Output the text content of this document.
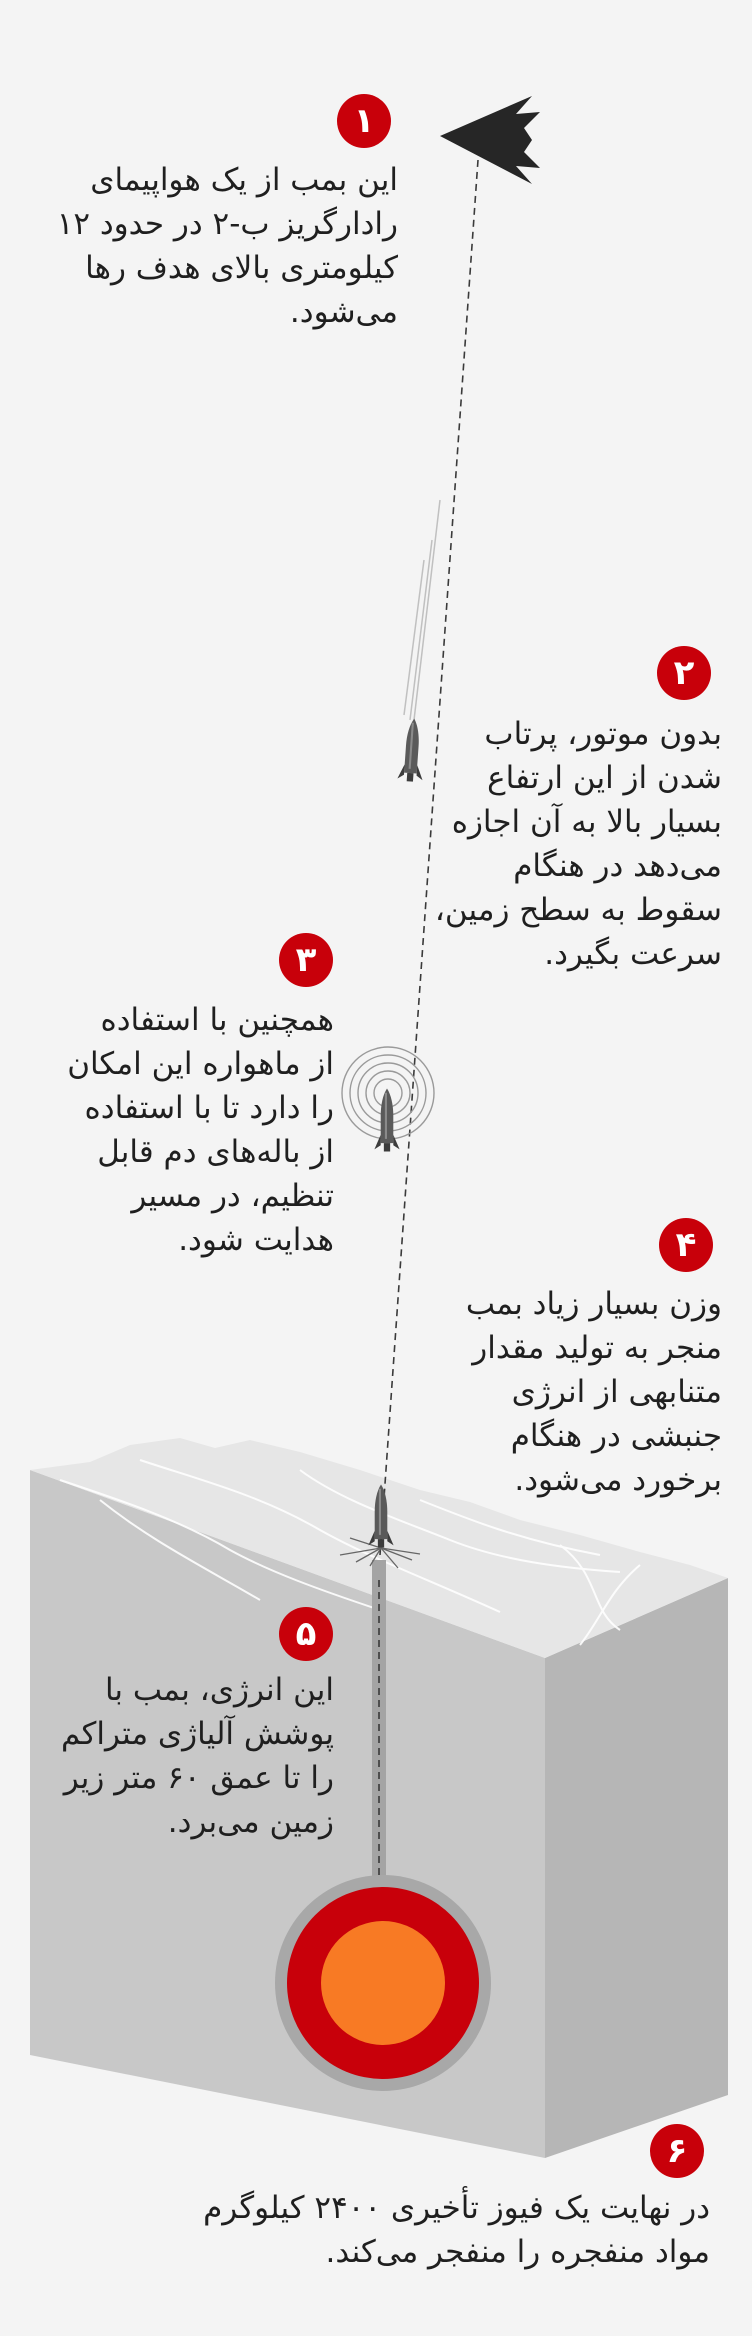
۱
۲
۳
۴
۵
۶

این بمب از یک هواپیمای
رادارگریز ب-۲ در حدود ۱۲
کیلومتری بالای هدف رها
می‌شود.

بدون موتور، پرتاب
شدن از این ارتفاع
بسیار بالا به آن اجازه
می‌دهد در هنگام
سقوط به سطح زمین،
سرعت بگیرد.

همچنین با استفاده
از ماهواره این امکان
را دارد تا با استفاده
از باله‌های دم قابل
تنظیم، در مسیر
هدایت شود.

وزن بسیار زیاد بمب
منجر به تولید مقدار
متنابهی از انرژی
جنبشی در هنگام
برخورد می‌شود.

این انرژی، بمب با
پوشش آلیاژی متراکم
را تا عمق ۶۰ متر زیر
زمین می‌برد.

در نهایت یک فیوز تأخیری ۲۴۰۰ کیلوگرم
مواد منفجره را منفجر می‌کند.
